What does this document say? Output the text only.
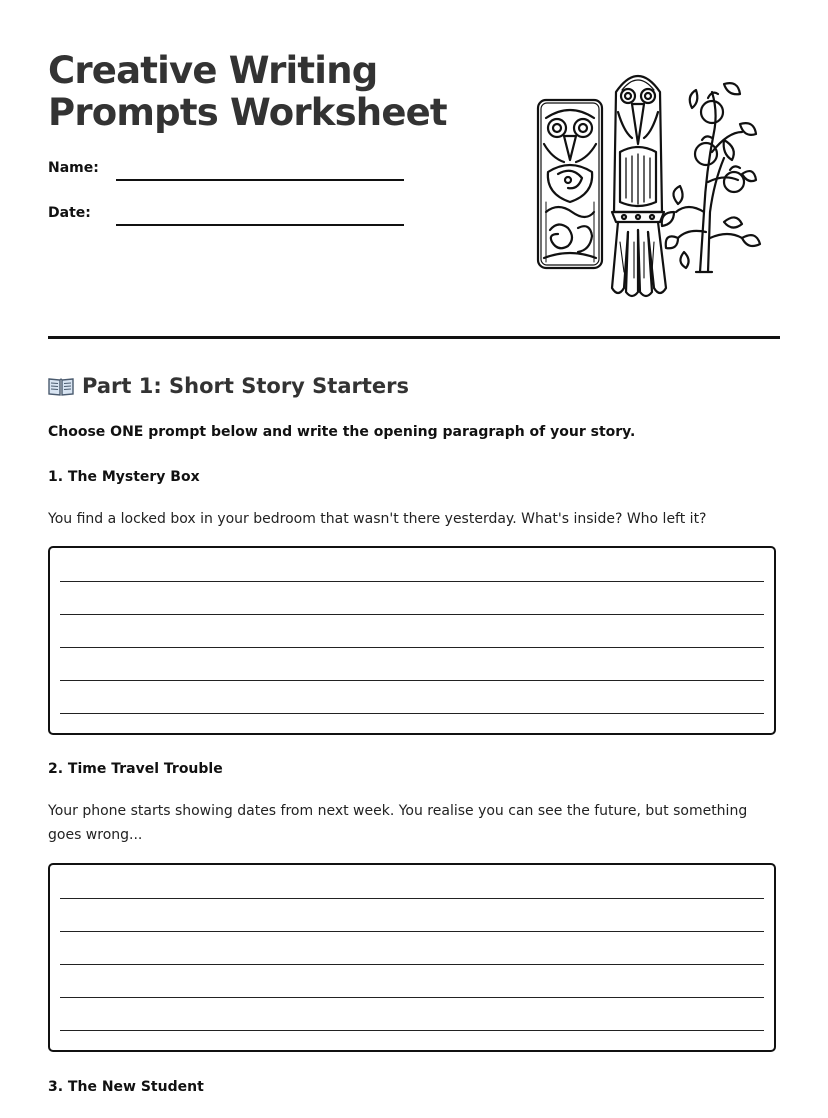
Creative Writing Prompts Worksheet
Name:
Date:
Part 1: Short Story Starters
Choose ONE prompt below and write the opening paragraph of your story.
1. The Mystery Box
You find a locked box in your bedroom that wasn't there yesterday. What's inside? Who left it?
2. Time Travel Trouble
Your phone starts showing dates from next week. You realise you can see the future, but something goes wrong...
3. The New Student
